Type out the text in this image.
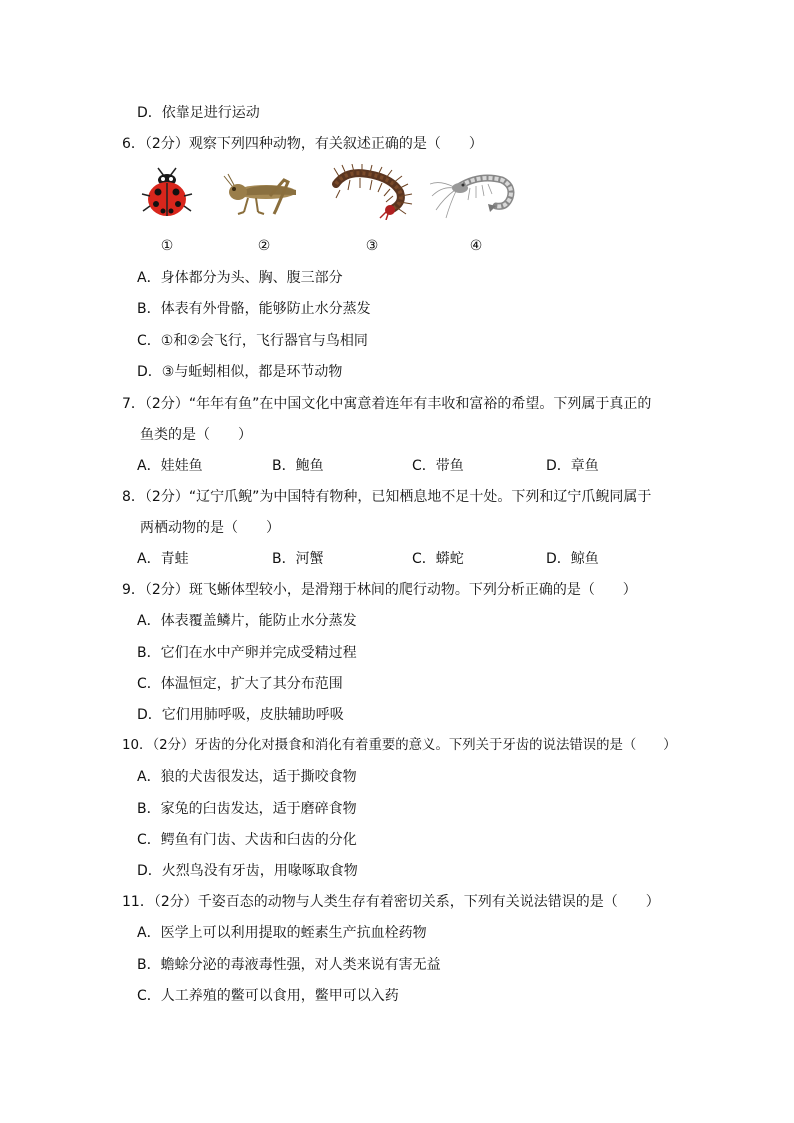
D．依靠足进行运动
6．（2分）观察下列四种动物，有关叙述正确的是（　　）
①	②	③	④
A．身体都分为头、胸、腹三部分
B．体表有外骨骼，能够防止水分蒸发
C．①和②会飞行，飞行器官与鸟相同
D．③与蚯蚓相似，都是环节动物
7．（2分）“年年有鱼”在中国文化中寓意着连年有丰收和富裕的希望。下列属于真正的
鱼类的是（　　）
A．娃娃鱼	B．鲍鱼	C．带鱼	D．章鱼
8．（2分）“辽宁爪鲵”为中国特有物种，已知栖息地不足十处。下列和辽宁爪鲵同属于
两栖动物的是（　　）
A．青蛙	B．河蟹	C．蟒蛇	D．鲸鱼
9．（2分）斑飞蜥体型较小，是滑翔于林间的爬行动物。下列分析正确的是（　　）
A．体表覆盖鳞片，能防止水分蒸发
B．它们在水中产卵并完成受精过程
C．体温恒定，扩大了其分布范围
D．它们用肺呼吸，皮肤辅助呼吸
10．（2分）牙齿的分化对摄食和消化有着重要的意义。下列关于牙齿的说法错误的是（　　）
A．狼的犬齿很发达，适于撕咬食物
B．家兔的臼齿发达，适于磨碎食物
C．鳄鱼有门齿、犬齿和臼齿的分化
D．火烈鸟没有牙齿，用喙啄取食物
11．（2分）千姿百态的动物与人类生存有着密切关系，下列有关说法错误的是（　　）
A．医学上可以利用提取的蛭素生产抗血栓药物
B．蟾蜍分泌的毒液毒性强，对人类来说有害无益
C．人工养殖的鳖可以食用，鳖甲可以入药
